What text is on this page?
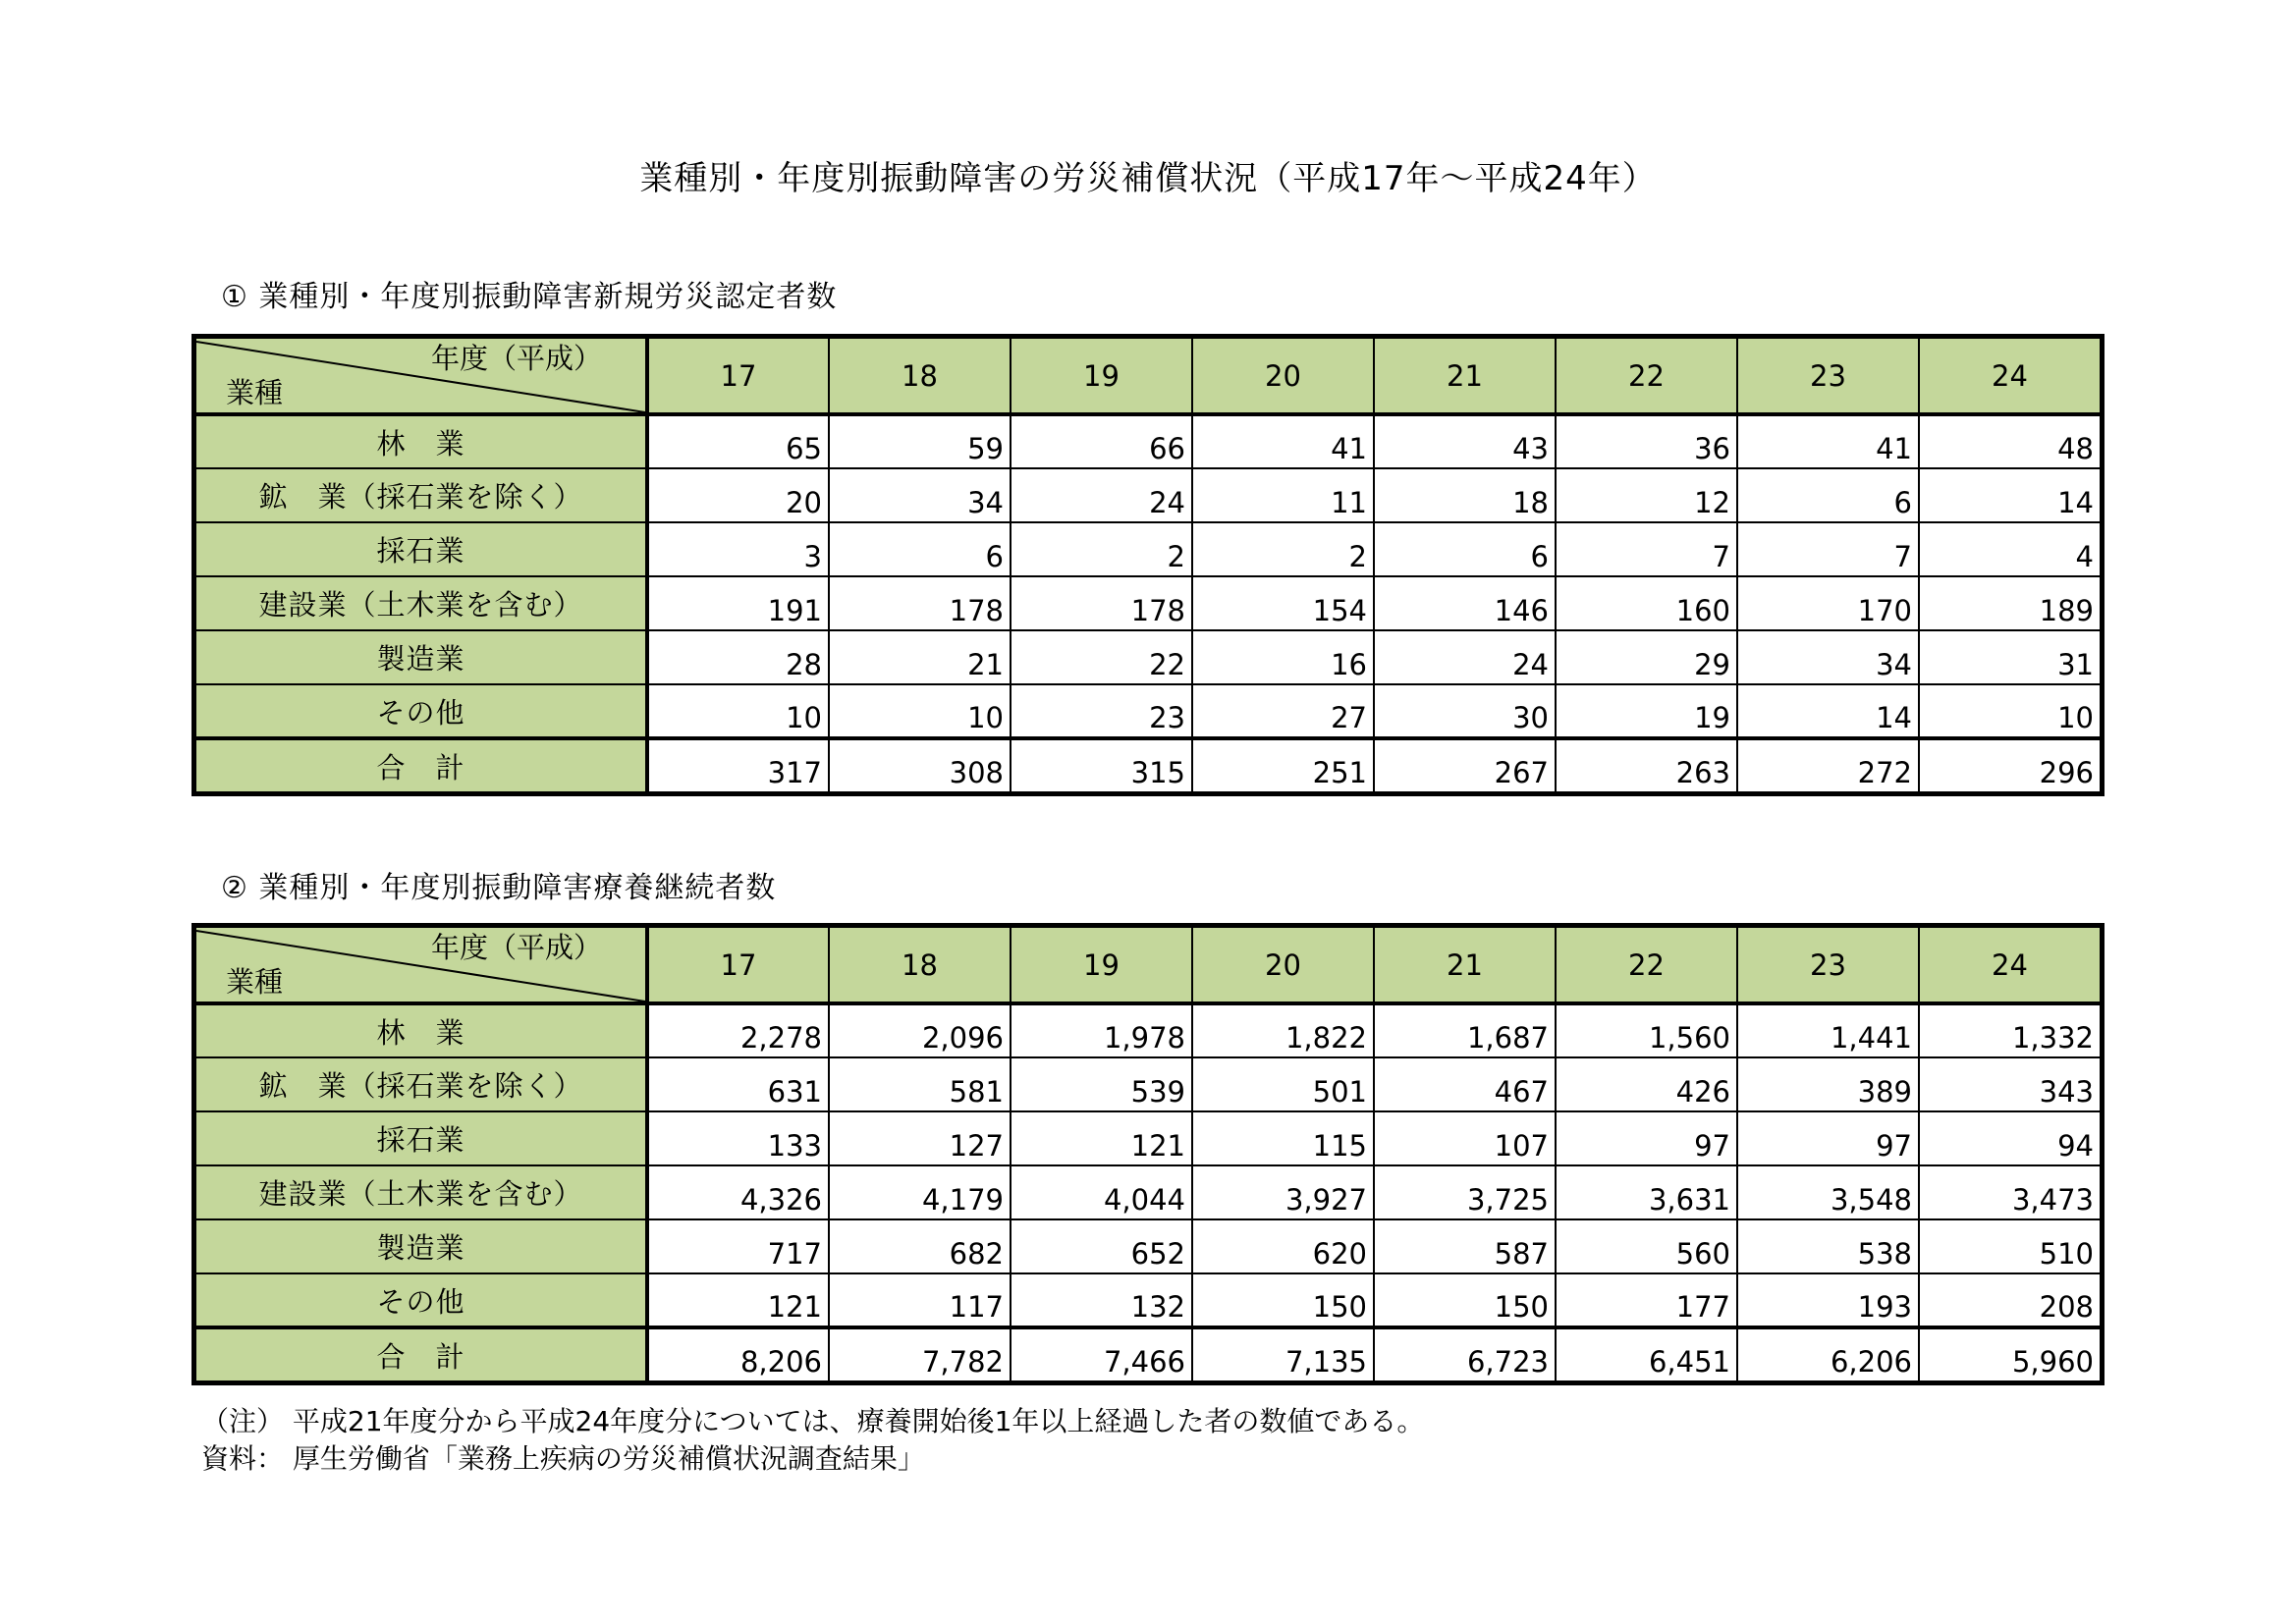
業種別・年度別振動障害の労災補償状況（平成17年～平成24年）
① 業種別・年度別振動障害新規労災認定者数
年度（平成）
業種	17	18	19	20	21	22	23	24
林　業	65	59	66	41	43	36	41	48
鉱　業（採石業を除く）	20	34	24	11	18	12	6	14
採石業	3	6	2	2	6	7	7	4
建設業（土木業を含む）	191	178	178	154	146	160	170	189
製造業	28	21	22	16	24	29	34	31
その他	10	10	23	27	30	19	14	10
合　計	317	308	315	251	267	263	272	296
② 業種別・年度別振動障害療養継続者数
年度（平成）
業種	17	18	19	20	21	22	23	24
林　業	2,278	2,096	1,978	1,822	1,687	1,560	1,441	1,332
鉱　業（採石業を除く）	631	581	539	501	467	426	389	343
採石業	133	127	121	115	107	97	97	94
建設業（土木業を含む）	4,326	4,179	4,044	3,927	3,725	3,631	3,548	3,473
製造業	717	682	652	620	587	560	538	510
その他	121	117	132	150	150	177	193	208
合　計	8,206	7,782	7,466	7,135	6,723	6,451	6,206	5,960
（注） 平成21年度分から平成24年度分については、療養開始後1年以上経過した者の数値である。
資料： 厚生労働省「業務上疾病の労災補償状況調査結果」
